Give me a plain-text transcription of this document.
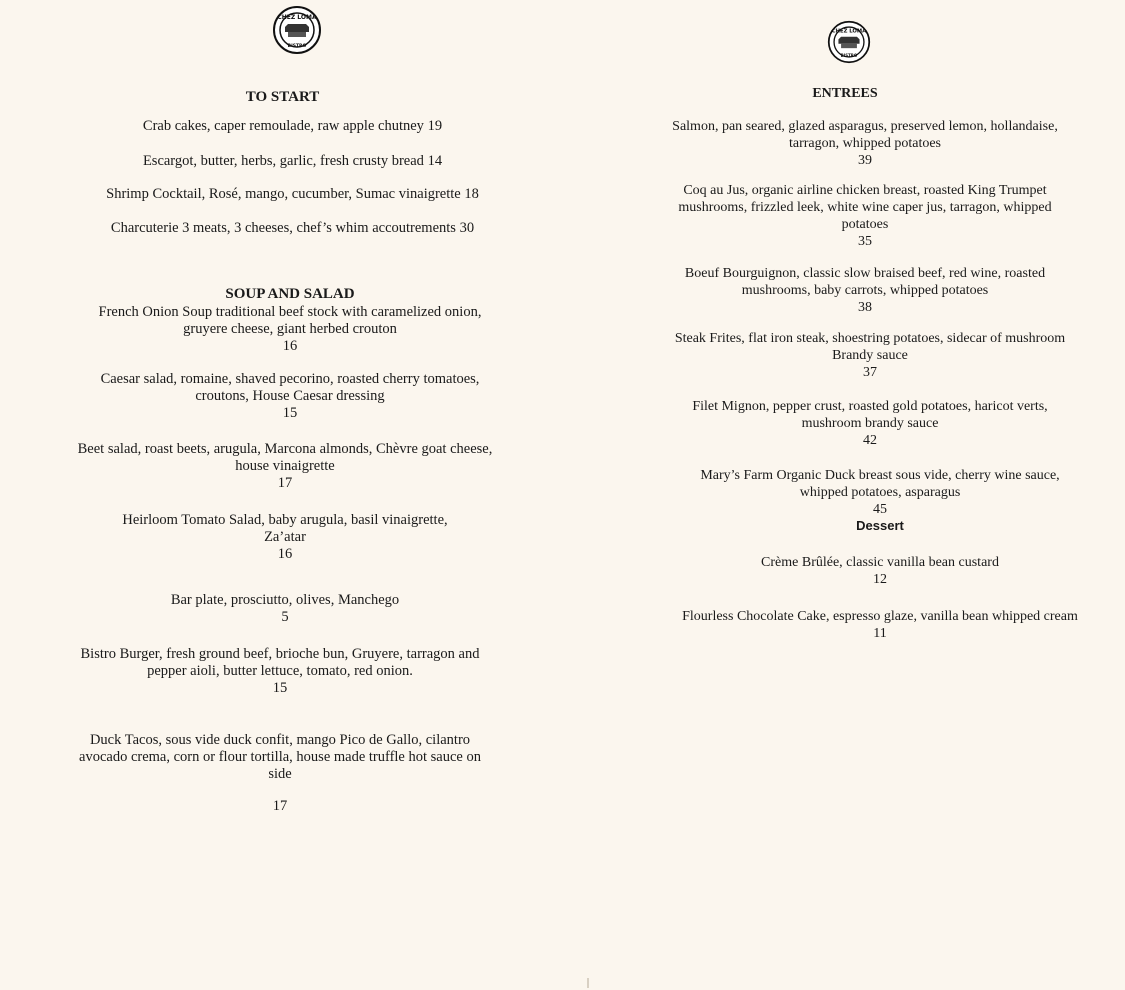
CHEZ LOMA
BISTRO
TO START
Crab cakes, caper remoulade, raw apple chutney 19
Escargot, butter, herbs, garlic, fresh crusty bread 14
Shrimp Cocktail, Rosé, mango, cucumber, Sumac vinaigrette 18
Charcuterie 3 meats, 3 cheeses, chef’s whim accoutrements 30
SOUP AND SALAD
French Onion Soup traditional beef stock with caramelized onion,
gruyere cheese, giant herbed crouton
16
Caesar salad, romaine, shaved pecorino, roasted cherry tomatoes,
croutons, House Caesar dressing
15
Beet salad, roast beets, arugula, Marcona almonds, Chèvre goat cheese,
house vinaigrette
17
Heirloom Tomato Salad, baby arugula, basil vinaigrette,
Za’atar
16
Bar plate, prosciutto, olives, Manchego
5
Bistro Burger, fresh ground beef, brioche bun, Gruyere, tarragon and
pepper aioli, butter lettuce, tomato, red onion.
15
Duck Tacos, sous vide duck confit, mango Pico de Gallo, cilantro
avocado crema, corn or flour tortilla, house made truffle hot sauce on
side
17
CHEZ LOMA
BISTRO
ENTREES
Salmon, pan seared, glazed asparagus, preserved lemon, hollandaise,
tarragon, whipped potatoes
39
Coq au Jus, organic airline chicken breast, roasted King Trumpet
mushrooms, frizzled leek, white wine caper jus, tarragon, whipped
potatoes
35
Boeuf Bourguignon, classic slow braised beef, red wine, roasted
mushrooms, baby carrots, whipped potatoes
38
Steak Frites, flat iron steak, shoestring potatoes, sidecar of mushroom
Brandy sauce
37
Filet Mignon, pepper crust, roasted gold potatoes, haricot verts,
mushroom brandy sauce
42
Mary’s Farm Organic Duck breast sous vide, cherry wine sauce,
whipped potatoes, asparagus
45
Dessert
Crème Brûlée, classic vanilla bean custard
12
Flourless Chocolate Cake, espresso glaze, vanilla bean whipped cream
11
